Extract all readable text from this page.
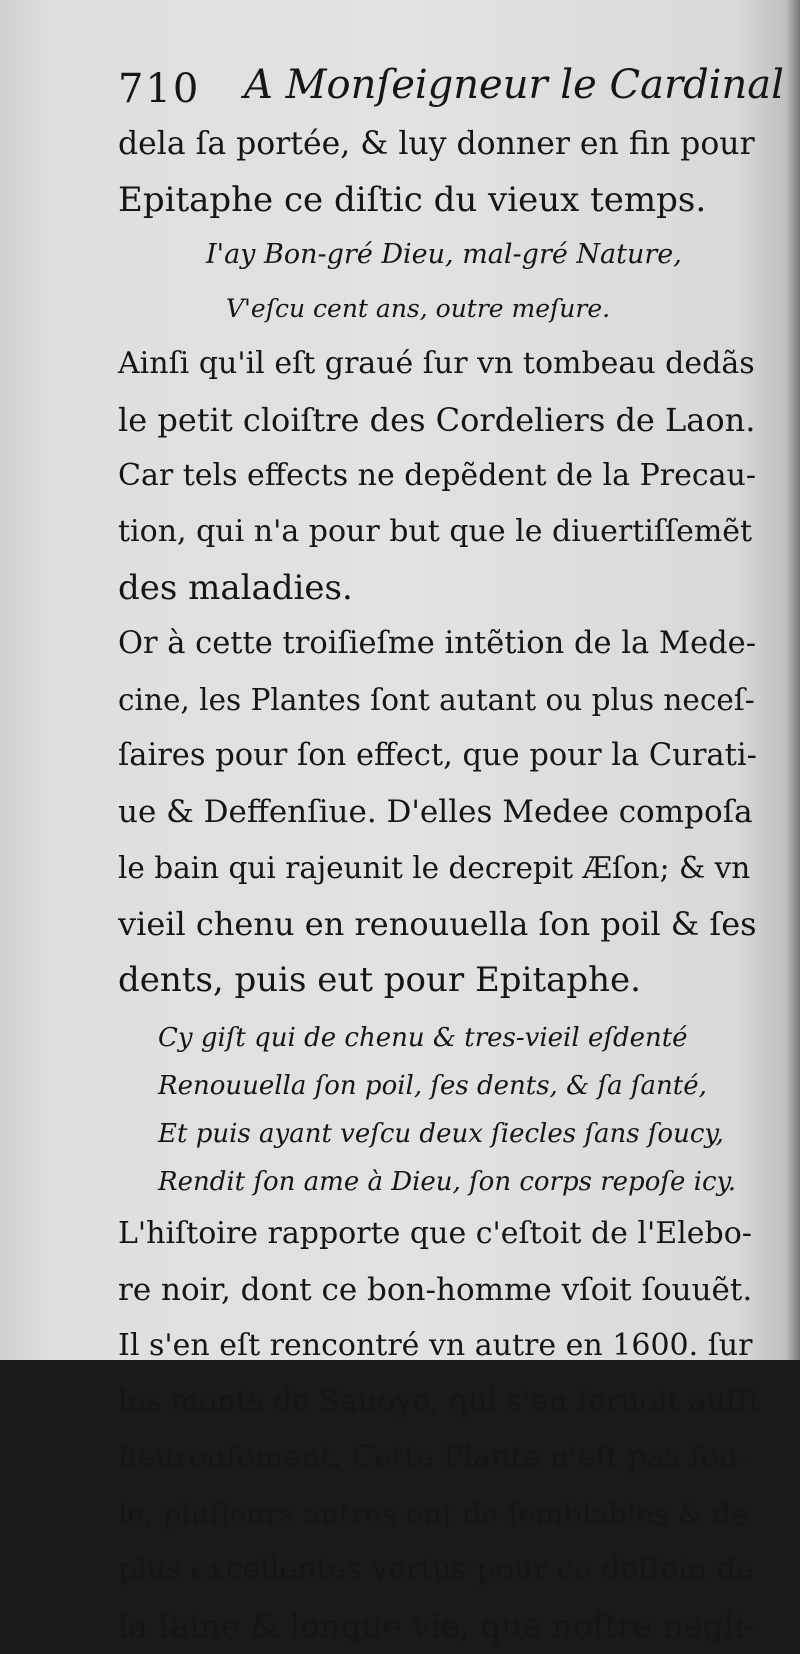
710 A Monſeigneur le Cardinal
dela ſa portée, & luy donner en fin pour
Epitaphe ce diſtic du vieux temps.
I'ay Bon-gré Dieu, mal-gré Nature,
V'eſcu cent ans, outre meſure.
Ainſi qu'il eſt graué ſur vn tombeau dedãs
le petit cloiſtre des Cordeliers de Laon.
Car tels effects ne depẽdent de la Precau-
tion, qui n'a pour but que le diuertiſſemẽt
des maladies.
Or à cette troiſieſme intẽtion de la Mede-
cine, les Plantes ſont autant ou plus neceſ-
ſaires pour ſon effect, que pour la Curati-
ue & Deffenſiue. D'elles Medee compoſa
le bain qui rajeunit le decrepit Æſon; & vn
vieil chenu en renouuella ſon poil & ſes
dents, puis eut pour Epitaphe.
Cy giſt qui de chenu & tres-vieil eſdenté
Renouuella ſon poil, ſes dents, & ſa ſanté,
Et puis ayant veſcu deux ſiecles ſans ſoucy,
Rendit ſon ame à Dieu, ſon corps repoſe icy.
L'hiſtoire rapporte que c'eſtoit de l'Elebo-
re noir, dont ce bon-homme vſoit ſouuẽt.
Il s'en eſt rencontré vn autre en 1600. ſur
les monts de Sauoye, qui s'en ſeruoit auſſi
heureuſement. Cette Plante n'eſt pas ſeu-
le, pluſieurs autres ont de ſemblables & de
plus excellentes vertus pour ce deſſein de
la ſaine & longue vie, que noſtre negli-
